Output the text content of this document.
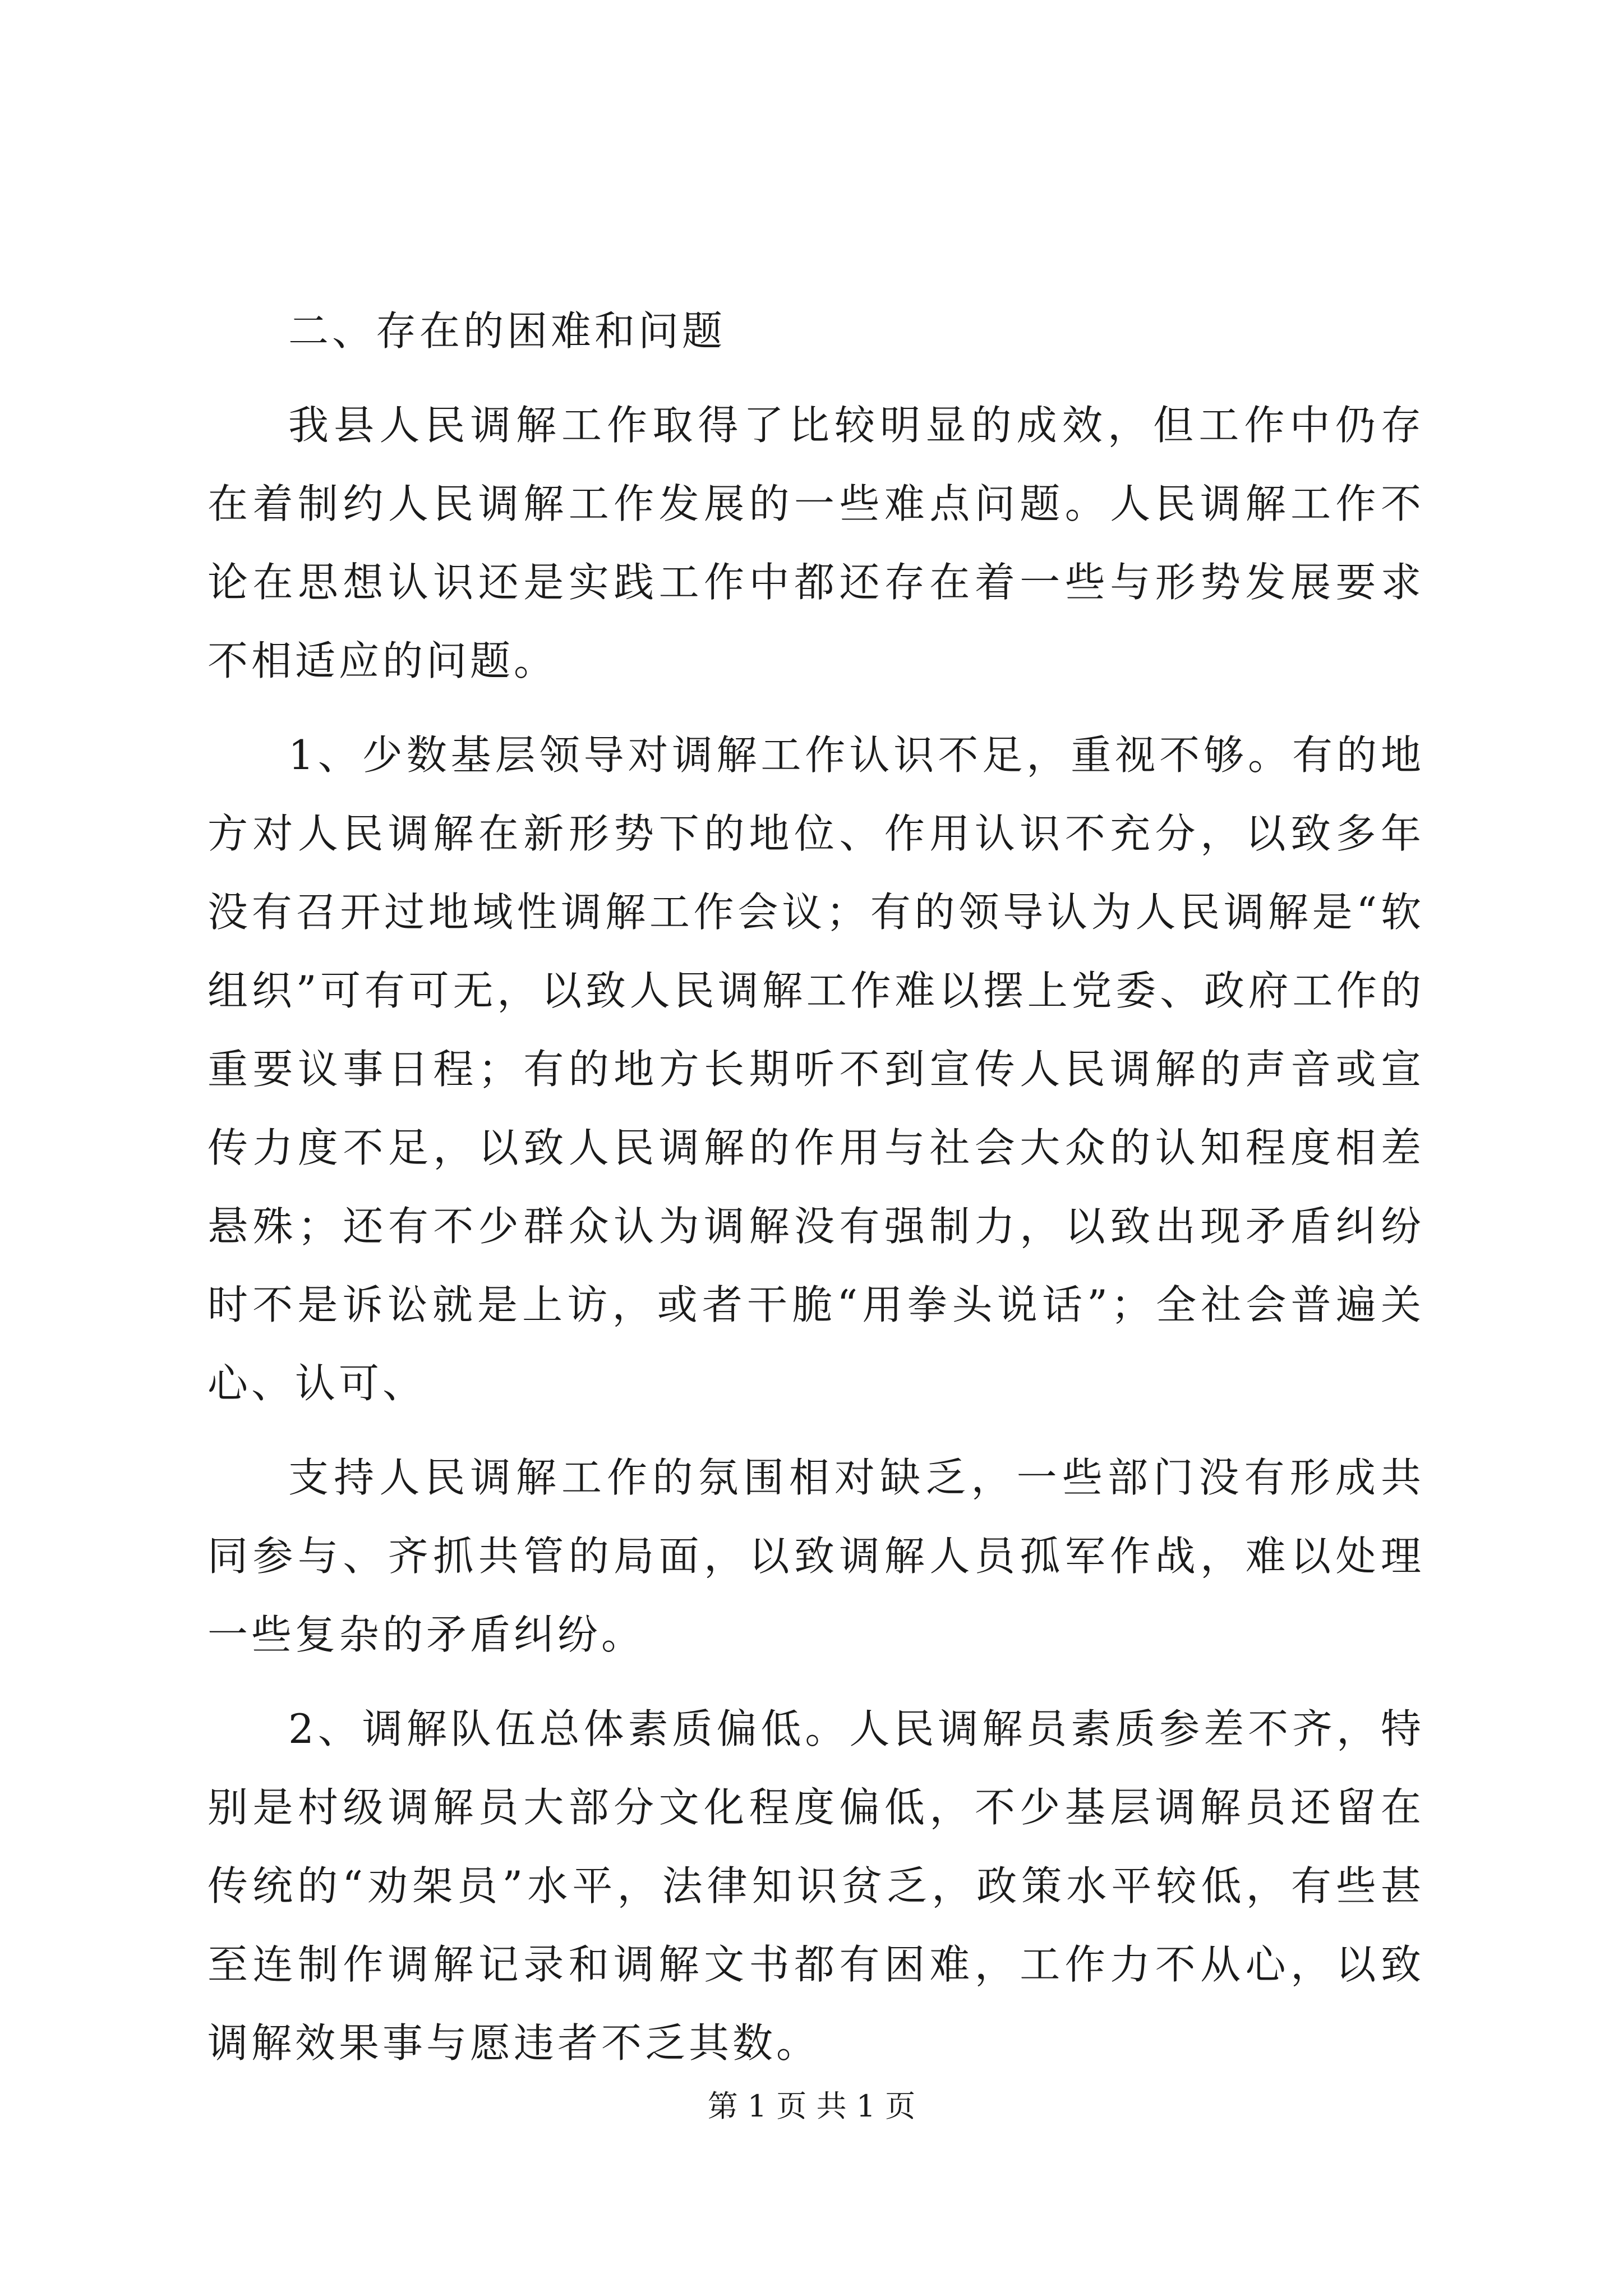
二、存在的困难和问题

我县人民调解工作取得了比较明显的成效，但工作中仍存在着制约人民调解工作发展的一些难点问题。人民调解工作不论在思想认识还是实践工作中都还存在着一些与形势发展要求不相适应的问题。

1、少数基层领导对调解工作认识不足，重视不够。有的地方对人民调解在新形势下的地位、作用认识不充分，以致多年没有召开过地域性调解工作会议；有的领导认为人民调解是“软组织”可有可无，以致人民调解工作难以摆上党委、政府工作的重要议事日程；有的地方长期听不到宣传人民调解的声音或宣传力度不足，以致人民调解的作用与社会大众的认知程度相差悬殊；还有不少群众认为调解没有强制力，以致出现矛盾纠纷时不是诉讼就是上访，或者干脆“用拳头说话”；全社会普遍关心、认可、

支持人民调解工作的氛围相对缺乏，一些部门没有形成共同参与、齐抓共管的局面，以致调解人员孤军作战，难以处理一些复杂的矛盾纠纷。

2、调解队伍总体素质偏低。人民调解员素质参差不齐，特别是村级调解员大部分文化程度偏低，不少基层调解员还留在传统的“劝架员”水平，法律知识贫乏，政策水平较低，有些甚至连制作调解记录和调解文书都有困难，工作力不从心，以致调解效果事与愿违者不乏其数。

第 1 页 共 1 页
